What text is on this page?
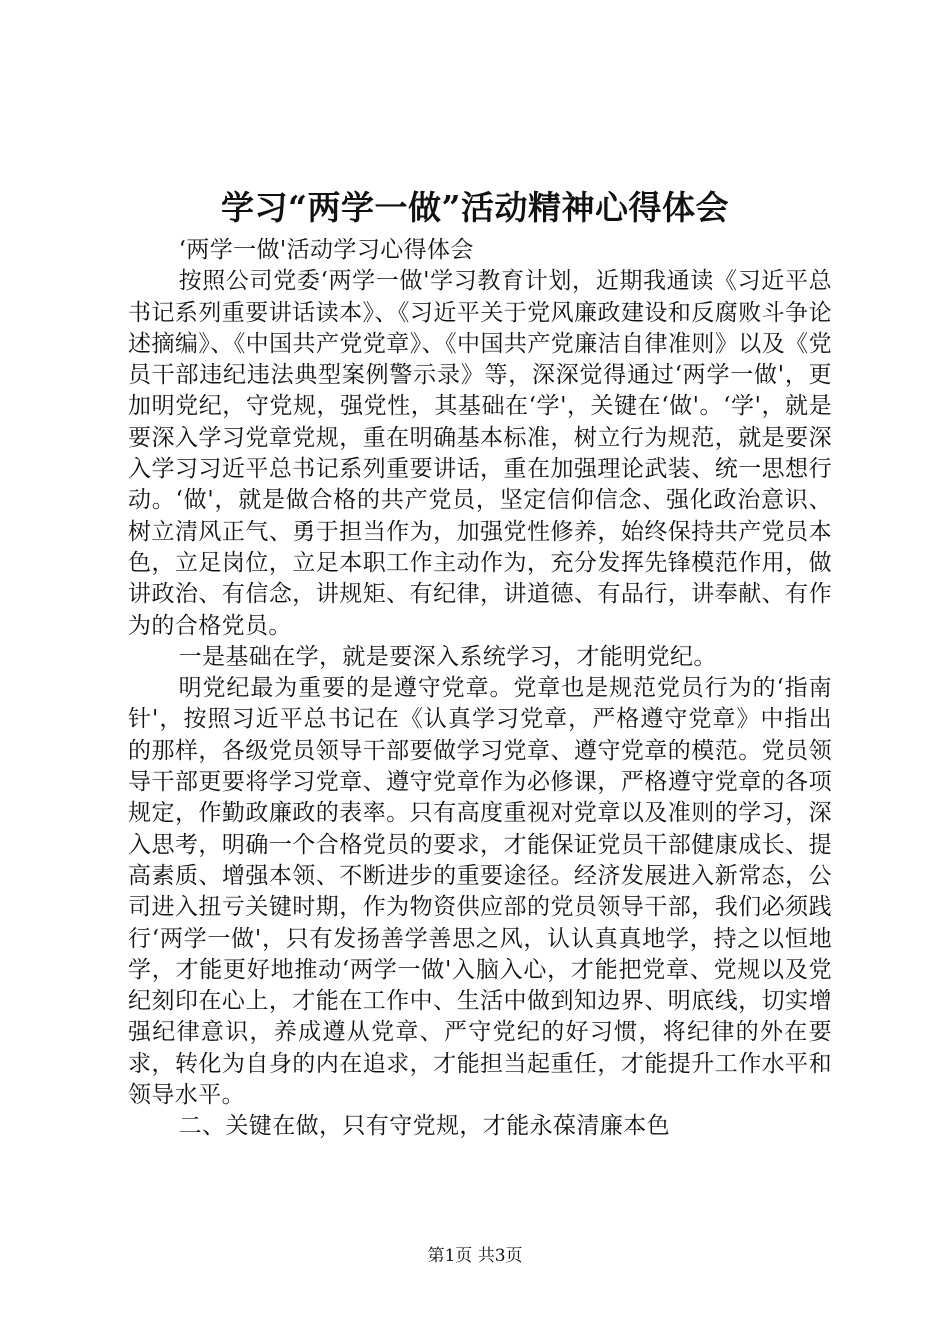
学习“两学一做”活动精神心得体会

‘两学一做'活动学习心得体会

按照公司党委‘两学一做'学习教育计划，近期我通读《习近平总书记系列重要讲话读本》、《习近平关于党风廉政建设和反腐败斗争论述摘编》、《中国共产党党章》、《中国共产党廉洁自律准则》以及《党员干部违纪违法典型案例警示录》等，深深觉得通过‘两学一做'，更加明党纪，守党规，强党性，其基础在‘学'，关键在‘做'。‘学'，就是要深入学习党章党规，重在明确基本标准，树立行为规范，就是要深入学习习近平总书记系列重要讲话，重在加强理论武装、统一思想行动。‘做'，就是做合格的共产党员，坚定信仰信念、强化政治意识、树立清风正气、勇于担当作为，加强党性修养，始终保持共产党员本色，立足岗位，立足本职工作主动作为，充分发挥先锋模范作用，做讲政治、有信念，讲规矩、有纪律，讲道德、有品行，讲奉献、有作为的合格党员。

一是基础在学，就是要深入系统学习，才能明党纪。

明党纪最为重要的是遵守党章。党章也是规范党员行为的‘指南针'，按照习近平总书记在《认真学习党章，严格遵守党章》中指出的那样，各级党员领导干部要做学习党章、遵守党章的模范。党员领导干部更要将学习党章、遵守党章作为必修课，严格遵守党章的各项规定，作勤政廉政的表率。只有高度重视对党章以及准则的学习，深入思考，明确一个合格党员的要求，才能保证党员干部健康成长、提高素质、增强本领、不断进步的重要途径。经济发展进入新常态，公司进入扭亏关键时期，作为物资供应部的党员领导干部，我们必须践行‘两学一做'，只有发扬善学善思之风，认认真真地学，持之以恒地学，才能更好地推动‘两学一做'入脑入心，才能把党章、党规以及党纪刻印在心上，才能在工作中、生活中做到知边界、明底线，切实增强纪律意识，养成遵从党章、严守党纪的好习惯，将纪律的外在要求，转化为自身的内在追求，才能担当起重任，才能提升工作水平和领导水平。

二、关键在做，只有守党规，才能永葆清廉本色

第1页 共3页
